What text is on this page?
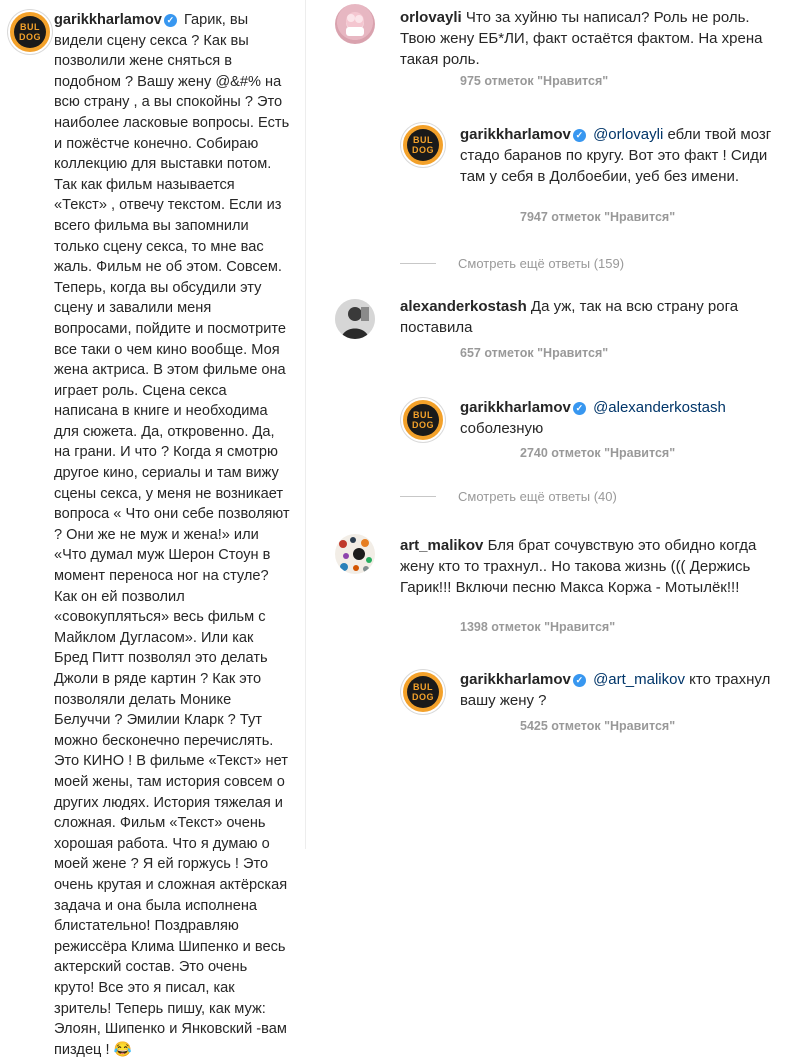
BUL
DOG
garikkharlamov ✓ Гарик, вы видели сцену секса ? Как вы позволили жене сняться в подобном ? Вашу жену @&#% на всю страну , а вы спокойны ? Это наиболее ласковые вопросы. Есть и пожёстче конечно. Собираю коллекцию для выставки потом. Так как фильм называется «Текст» , отвечу текстом. Если из всего фильма вы запомнили только сцену секса, то мне вас жаль. Фильм не об этом. Совсем. Теперь, когда вы обсудили эту сцену и завалили меня вопросами, пойдите и посмотрите все таки о чем кино вообще. Моя жена актриса. В этом фильме она играет роль. Сцена секса написана в книге и необходима для сюжета. Да, откровенно. Да, на грани. И что ? Когда я смотрю другое кино, сериалы и там вижу сцены секса, у меня не возникает вопроса « Что они себе позволяют ? Они же не муж и жена!» или «Что думал муж Шерон Стоун в момент переноса ног на стуле? Как он ей позволил «совокупляться» весь фильм с Майклом Дугласом». Или как Бред Питт позволял это делать Джоли в ряде картин ? Как это позволяли делать Монике Белуччи ? Эмилии Кларк ? Тут можно бесконечно перечислять. Это КИНО ! В фильме «Текст» нет моей жены, там история совсем о других людях. История тяжелая и сложная. Фильм «Текст» очень хорошая работа. Что я думаю о моей жене ? Я ей горжусь ! Это очень крутая и сложная актёрская задача и она была исполнена блистательно! Поздравляю режиссёра Клима Шипенко и весь актерский состав. Это очень круто! Все это я писал, как зритель! Теперь пишу, как муж: Элоян, Шипенко и Янковский -вам пиздец ! 😂
orlovayli Что за хуйню ты написал? Роль не роль. Твою жену ЕБ*ЛИ, факт остаётся фактом. На хрена такая роль.
975 отметок "Нравится"
BUL
DOG
garikkharlamov ✓ @orlovayli ебли твой мозг стадо баранов по кругу. Вот это факт ! Сиди там у себя в Долбоебии, уеб без имени.
7947 отметок "Нравится"
Смотреть ещё ответы (159)
alexanderkostash Да уж, так на всю страну рога поставила
657 отметок "Нравится"
BUL
DOG
garikkharlamov ✓ @alexanderkostash соболезную
2740 отметок "Нравится"
Смотреть ещё ответы (40)
art_malikov Бля брат сочувствую это обидно когда жену кто то трахнул.. Но такова жизнь ((( Держись Гарик!!! Включи песню Макса Коржа - Мотылёк!!!
1398 отметок "Нравится"
BUL
DOG
garikkharlamov ✓ @art_malikov кто трахнул вашу жену ?
5425 отметок "Нравится"
